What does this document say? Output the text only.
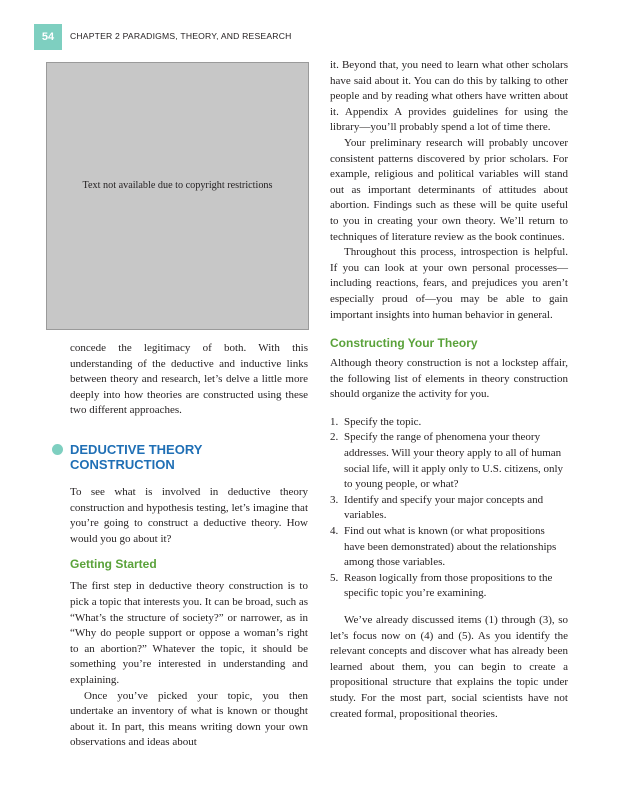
54	CHAPTER 2 PARADIGMS, THEORY, AND RESEARCH
Text not available due to copyright restrictions

concede the legitimacy of both. With this understanding of the deductive and inductive links between theory and research, let’s delve a little more deeply into how theories are constructed using these two different approaches.

DEDUCTIVE THEORY
CONSTRUCTION

To see what is involved in deductive theory construction and hypothesis testing, let’s imagine that you’re going to construct a deductive theory. How would you go about it?

Getting Started

The first step in deductive theory construction is to pick a topic that interests you. It can be broad, such as “What’s the structure of society?” or narrower, as in “Why do people support or oppose a woman’s right to an abortion?” Whatever the topic, it should be something you’re interested in understanding and explaining.

Once you’ve picked your topic, you then undertake an inventory of what is known or thought about it. In part, this means writing down your own observations and ideas about

it. Beyond that, you need to learn what other scholars have said about it. You can do this by talking to other people and by reading what others have written about it. Appendix A provides guidelines for using the library—you’ll probably spend a lot of time there.

Your preliminary research will probably uncover consistent patterns discovered by prior scholars. For example, religious and political variables will stand out as important determinants of attitudes about abortion. Findings such as these will be quite useful to you in creating your own theory. We’ll return to techniques of literature review as the book continues.

Throughout this process, introspection is helpful. If you can look at your own personal processes—including reactions, fears, and prejudices you aren’t especially proud of—you may be able to gain important insights into human behavior in general.

Constructing Your Theory

Although theory construction is not a lockstep affair, the following list of elements in theory construction should organize the activity for you.

1. Specify the topic.
2. Specify the range of phenomena your theory addresses. Will your theory apply to all of human social life, will it apply only to U.S. citizens, only to young people, or what?
3. Identify and specify your major concepts and variables.
4. Find out what is known (or what propositions have been demonstrated) about the relationships among those variables.
5. Reason logically from those propositions to the specific topic you’re examining.

We’ve already discussed items (1) through (3), so let’s focus now on (4) and (5). As you identify the relevant concepts and discover what has already been learned about them, you can begin to create a propositional structure that explains the topic under study. For the most part, social scientists have not created formal, propositional theories.
